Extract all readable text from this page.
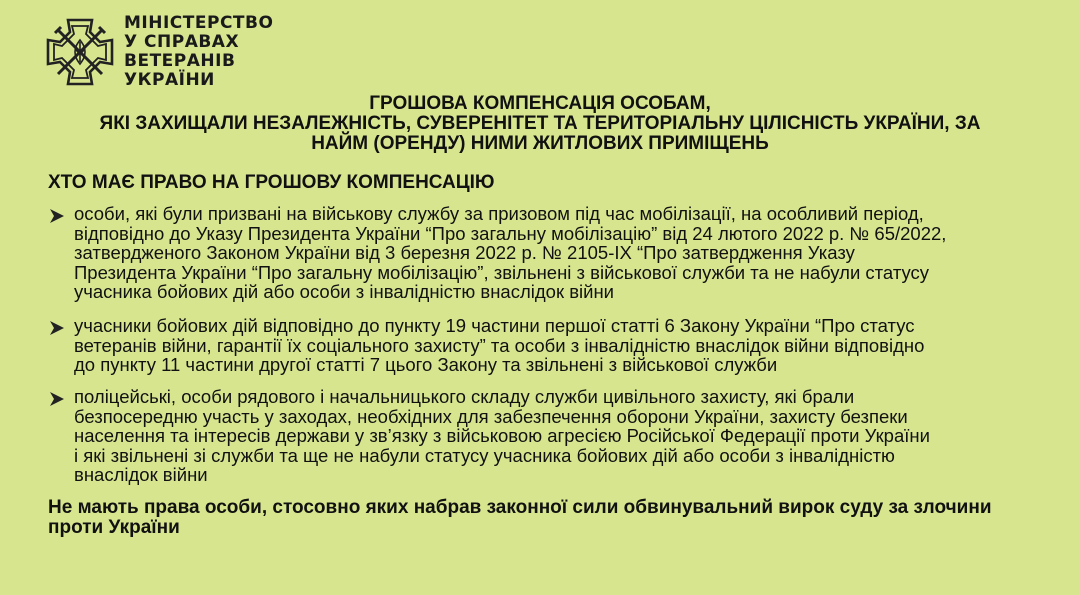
МІНІСТЕРСТВО
У СПРАВАХ
ВЕТЕРАНІВ
УКРАЇНИ
ГРОШОВА КОМПЕНСАЦІЯ ОСОБАМ,
ЯКІ ЗАХИЩАЛИ НЕЗАЛЕЖНІСТЬ, СУВЕРЕНІТЕТ ТА ТЕРИТОРІАЛЬНУ ЦІЛІСНІСТЬ УКРАЇНИ, ЗА
НАЙМ (ОРЕНДУ) НИМИ ЖИТЛОВИХ ПРИМІЩЕНЬ
ХТО МАЄ ПРАВО НА ГРОШОВУ КОМПЕНСАЦІЮ
особи, які були призвані на військову службу за призовом під час мобілізації, на особливий період,
відповідно до Указу Президента України “Про загальну мобілізацію” від 24 лютого 2022 р. № 65/2022,
затвердженого Законом України від 3 березня 2022 р. № 2105-IX “Про затвердження Указу
Президента України “Про загальну мобілізацію”, звільнені з військової служби та не набули статусу
учасника бойових дій або особи з інвалідністю внаслідок війни
учасники бойових дій відповідно до пункту 19 частини першої статті 6 Закону України “Про статус
ветеранів війни, гарантії їх соціального захисту” та особи з інвалідністю внаслідок війни відповідно
до пункту 11 частини другої статті 7 цього Закону та звільнені з військової служби
поліцейські, особи рядового і начальницького складу служби цивільного захисту, які брали
безпосередню участь у заходах, необхідних для забезпечення оборони України, захисту безпеки
населення та інтересів держави у зв’язку з військовою агресією Російської Федерації проти України
і які звільнені зі служби та ще не набули статусу учасника бойових дій або особи з інвалідністю
внаслідок війни
Не мають права особи, стосовно яких набрав законної сили обвинувальний вирок суду за злочини
проти України
